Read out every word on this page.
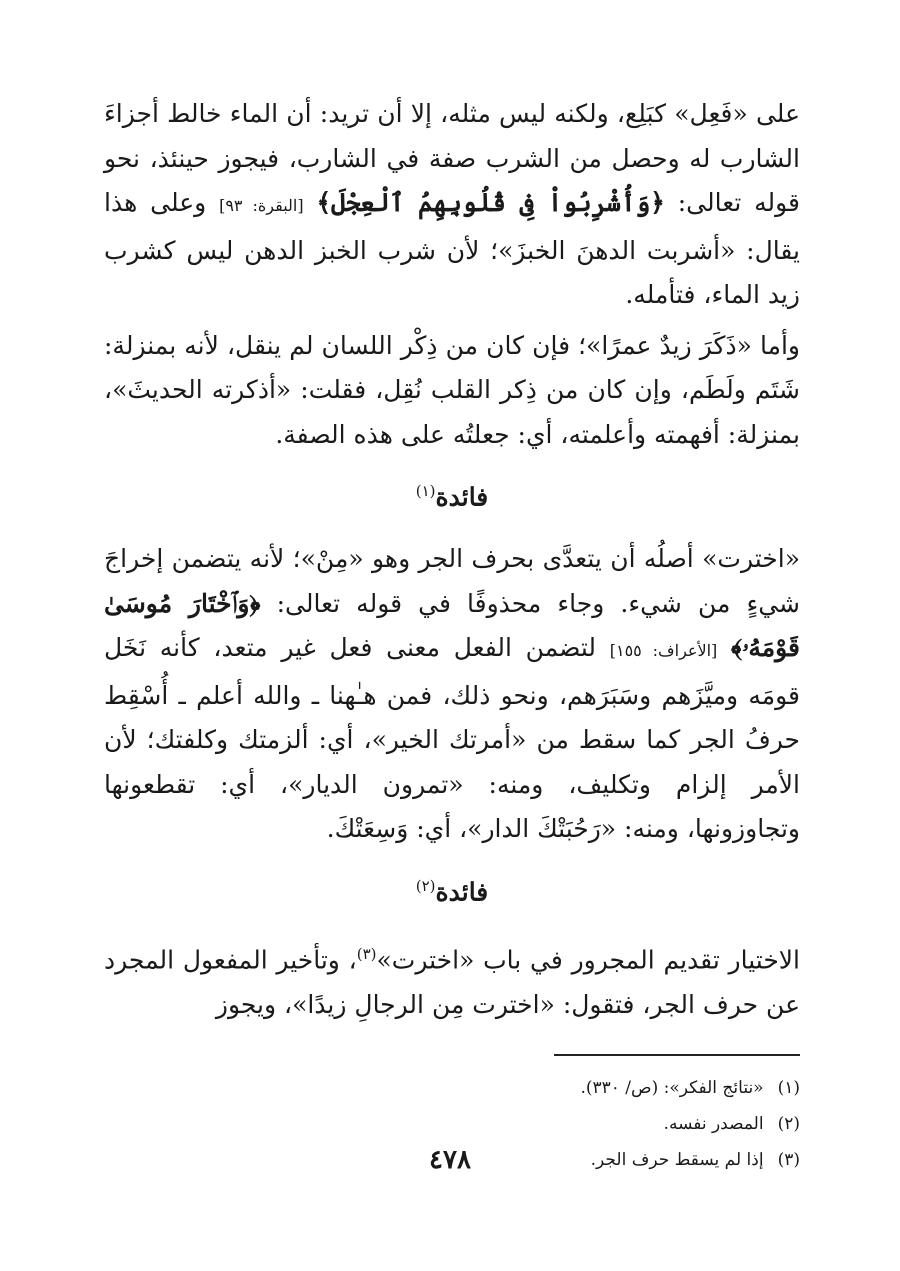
على «فَعِل» كبَلِع، ولكنه ليس مثله، إلا أن تريد: أن الماء خالط أجزاءَ الشارب له وحصل من الشرب صفة في الشارب، فيجوز حينئذ، نحو قوله تعالى: ﴿وَأُشْرِبُواْ فِى قُلُوبِهِمُ ٱلْعِجْلَ﴾ [البقرة: ٩٣] وعلى هذا يقال: «أشربت الدهنَ الخبزَ»؛ لأن شرب الخبز الدهن ليس كشرب زيد الماء، فتأمله.

وأما «ذَكَرَ زيدٌ عمرًا»؛ فإن كان من ذِكْر اللسان لم ينقل، لأنه بمنزلة: شَتَم ولَطَم، وإن كان من ذِكر القلب نُقِل، فقلت: «أذكرته الحديثَ»، بمنزلة: أفهمته وأعلمته، أي: جعلتُه على هذه الصفة.

فائدة$^{(١)}$

«اخترت» أصلُه أن يتعدَّى بحرف الجر وهو «مِنْ»؛ لأنه يتضمن إخراجَ شيءٍ من شيء. وجاء محذوفًا في قوله تعالى: ﴿وَٱخْتَارَ مُوسَىٰ قَوْمَهُۥ﴾ [الأعراف: ١٥٥] لتضمن الفعل معنى فعل غير متعد، كأنه نَخَل قومَه وميَّزَهم وسَبَرَهم، ونحو ذلك، فمن هـٰهنا ـ والله أعلم ـ أُسْقِط حرفُ الجر كما سقط من «أمرتك الخير»، أي: ألزمتك وكلفتك؛ لأن الأمر إلزام وتكليف، ومنه: «تمرون الديار»، أي: تقطعونها وتجاوزونها، ومنه: «رَحُبَتْكَ الدار»، أي: وَسِعَتْكَ.

فائدة$^{(٢)}$

الاختيار تقديم المجرور في باب «اخترت»$^{(٣)}$، وتأخير المفعول المجرد عن حرف الجر، فتقول: «اخترت مِن الرجالِ زيدًا»، ويجوز

(١)«نتائج الفكر»: (ص/ ٣٣٠).
(٢)المصدر نفسه.
(٣)إذا لم يسقط حرف الجر.
٤٧٨
